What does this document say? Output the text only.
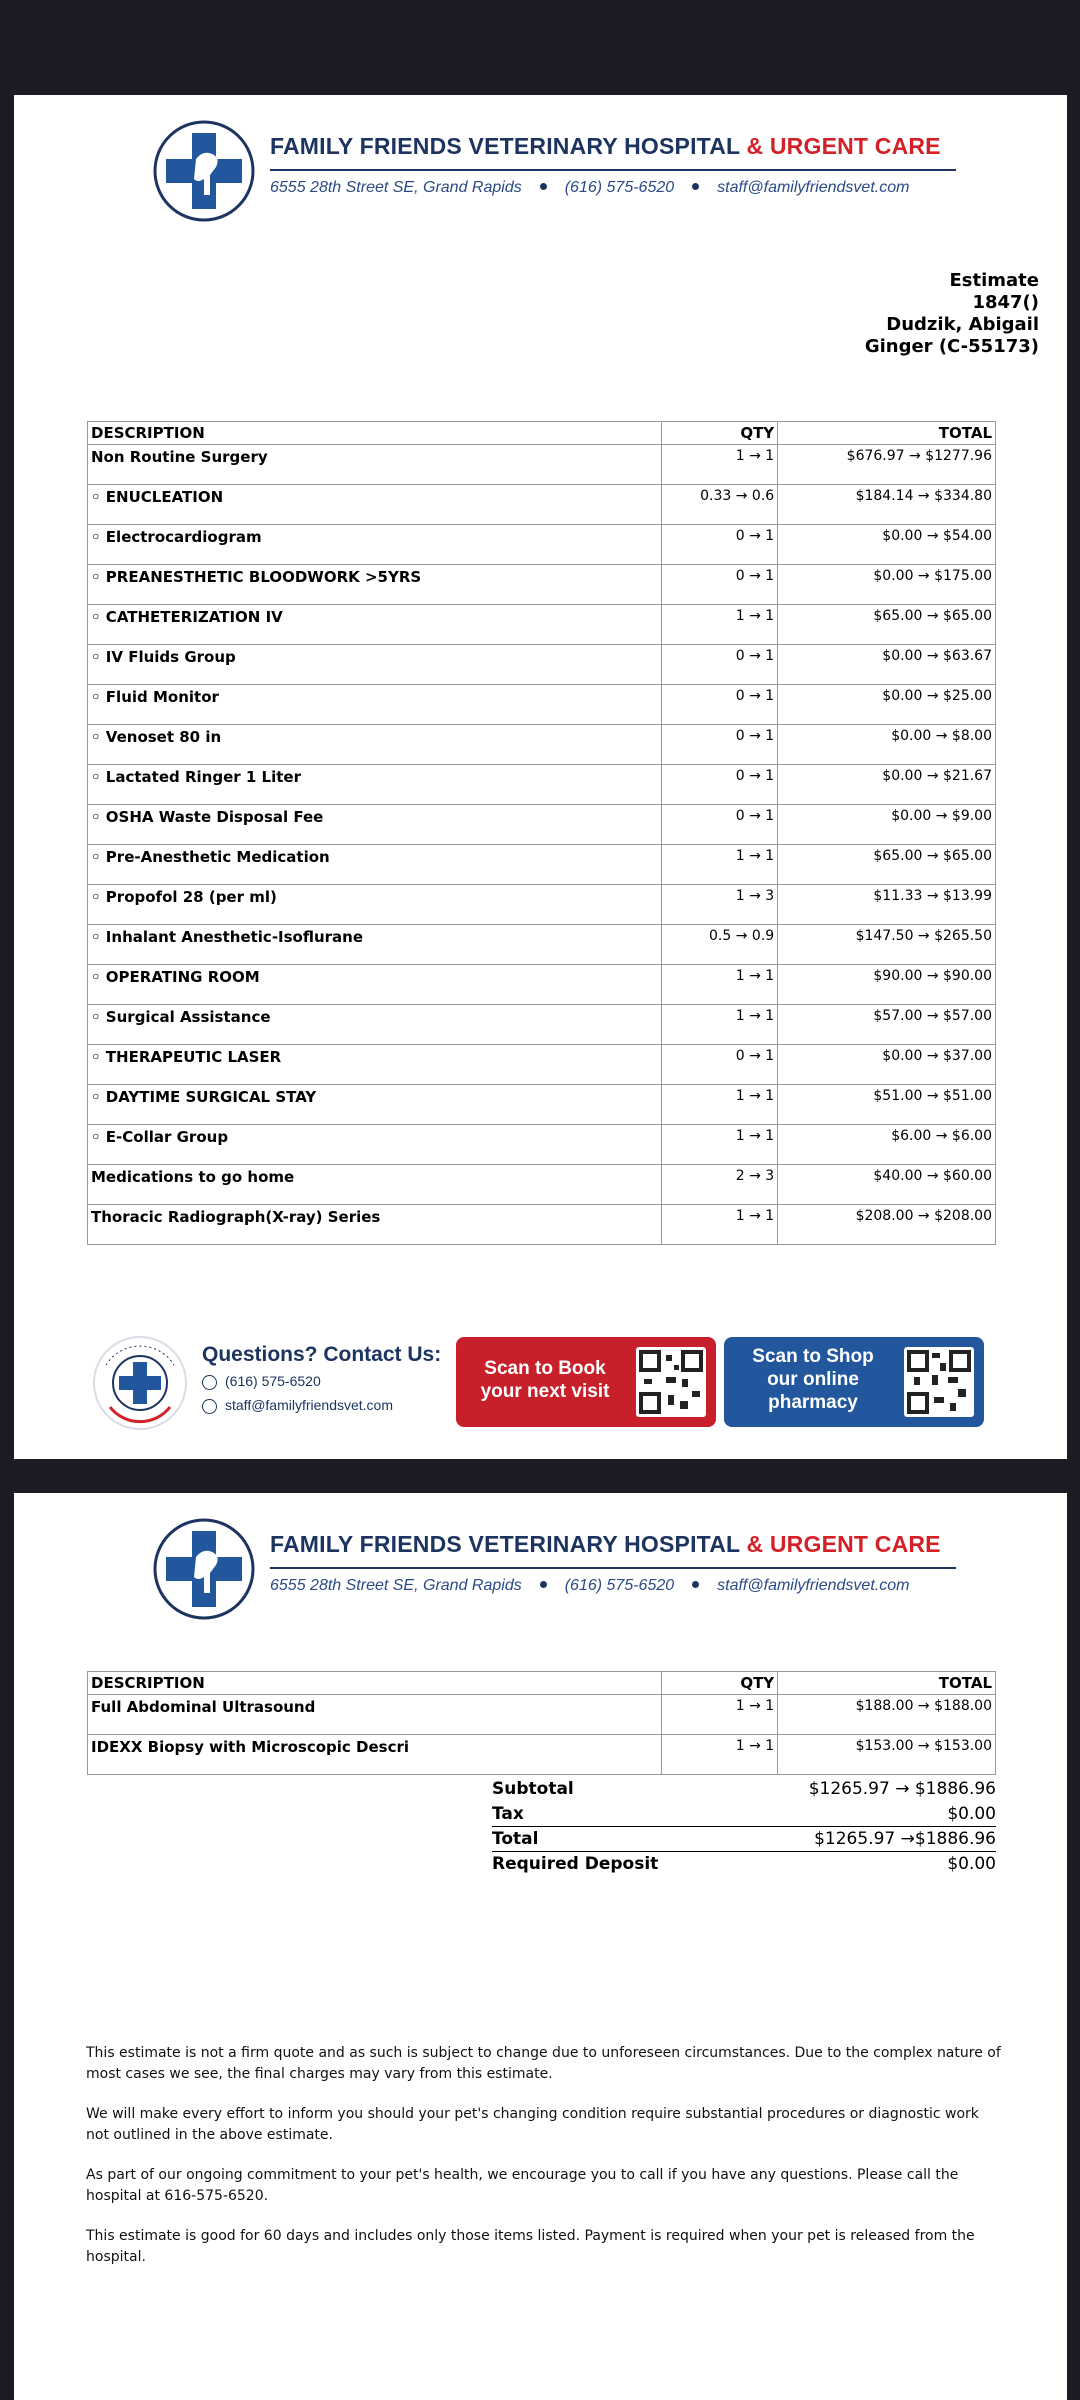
FAMILY FRIENDS VETERINARY HOSPITAL & URGENT CARE
6555 28th Street SE, Grand Rapids	(616) 575-6520	staff@familyfriendsvet.com
Estimate
1847()
Dudzik, Abigail
Ginger (C-55173)
DESCRIPTION	QTY	TOTAL
Non Routine Surgery	1 → 1	$676.97 → $1277.96
◦ ENUCLEATION	0.33 → 0.6	$184.14 → $334.80
◦ Electrocardiogram	0 → 1	$0.00 → $54.00
◦ PREANESTHETIC BLOODWORK >5YRS	0 → 1	$0.00 → $175.00
◦ CATHETERIZATION IV	1 → 1	$65.00 → $65.00
◦ IV Fluids Group	0 → 1	$0.00 → $63.67
◦ Fluid Monitor	0 → 1	$0.00 → $25.00
◦ Venoset 80 in	0 → 1	$0.00 → $8.00
◦ Lactated Ringer 1 Liter	0 → 1	$0.00 → $21.67
◦ OSHA Waste Disposal Fee	0 → 1	$0.00 → $9.00
◦ Pre-Anesthetic Medication	1 → 1	$65.00 → $65.00
◦ Propofol 28 (per ml)	1 → 3	$11.33 → $13.99
◦ Inhalant Anesthetic-Isoflurane	0.5 → 0.9	$147.50 → $265.50
◦ OPERATING ROOM	1 → 1	$90.00 → $90.00
◦ Surgical Assistance	1 → 1	$57.00 → $57.00
◦ THERAPEUTIC LASER	0 → 1	$0.00 → $37.00
◦ DAYTIME SURGICAL STAY	1 → 1	$51.00 → $51.00
◦ E-Collar Group	1 → 1	$6.00 → $6.00
Medications to go home	2 → 3	$40.00 → $60.00
Thoracic Radiograph(X-ray) Series	1 → 1	$208.00 → $208.00
Questions? Contact Us:
(616) 575-6520
staff@familyfriendsvet.com
Scan to Book your next visit
Scan to Shop our online pharmacy
FAMILY FRIENDS VETERINARY HOSPITAL & URGENT CARE
6555 28th Street SE, Grand Rapids	(616) 575-6520	staff@familyfriendsvet.com
DESCRIPTION	QTY	TOTAL
Full Abdominal Ultrasound	1 → 1	$188.00 → $188.00
IDEXX Biopsy with Microscopic Descri	1 → 1	$153.00 → $153.00
Subtotal	$1265.97 → $1886.96
Tax	$0.00
Total	$1265.97 →$1886.96
Required Deposit	$0.00

This estimate is not a firm quote and as such is subject to change due to unforeseen circumstances. Due to the complex nature of most cases we see, the final charges may vary from this estimate.

We will make every effort to inform you should your pet's changing condition require substantial procedures or diagnostic work not outlined in the above estimate.

As part of our ongoing commitment to your pet's health, we encourage you to call if you have any questions. Please call the hospital at 616-575-6520.

This estimate is good for 60 days and includes only those items listed. Payment is required when your pet is released from the hospital.
